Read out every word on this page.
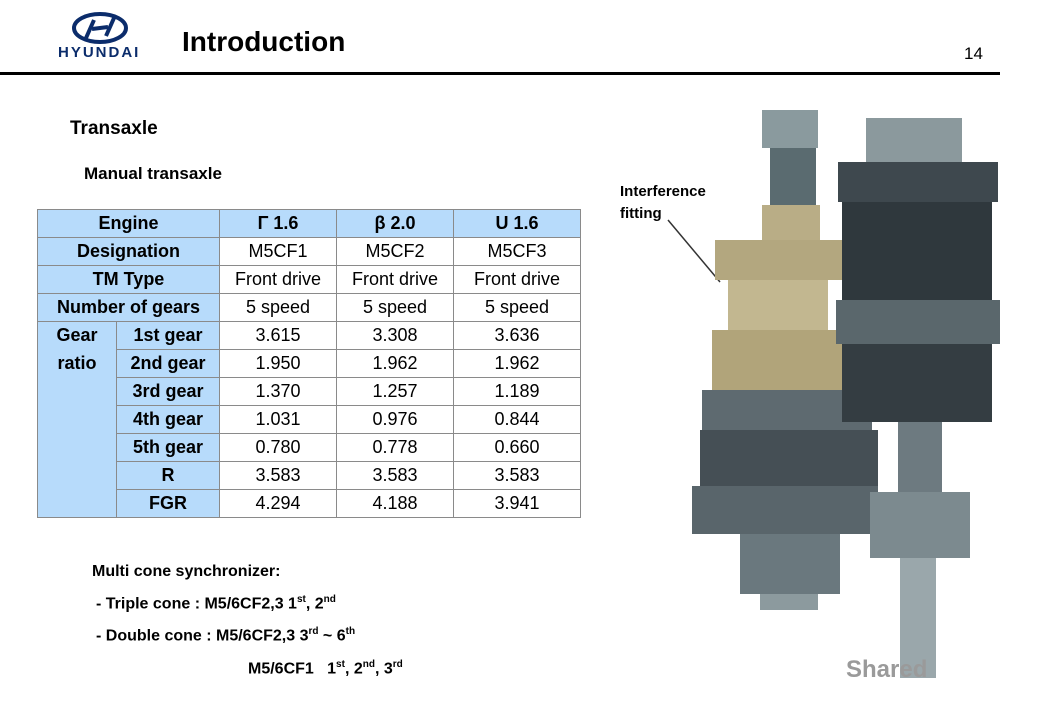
HYUNDAI Introduction	14
Transaxle
Manual transaxle
Engine		Γ 1.6	β 2.0	U 1.6
Designation		M5CF1	M5CF2	M5CF3
TM Type		Front drive	Front drive	Front drive
Number of gears		5 speed	5 speed	5 speed
Gear	1st gear	3.615	3.308	3.636
ratio	2nd gear	1.950	1.962	1.962
	3rd gear	1.370	1.257	1.189
	4th gear	1.031	0.976	0.844
	5th gear	0.780	0.778	0.660
	R	3.583	3.583	3.583
	FGR	4.294	4.188	3.941
Multi cone synchronizer:
- Triple cone : M5/6CF2,3 1st, 2nd
- Double cone : M5/6CF2,3 3rd ~ 6th
M5/6CF1   1st, 2nd, 3rd
Interference
fitting
Shared
